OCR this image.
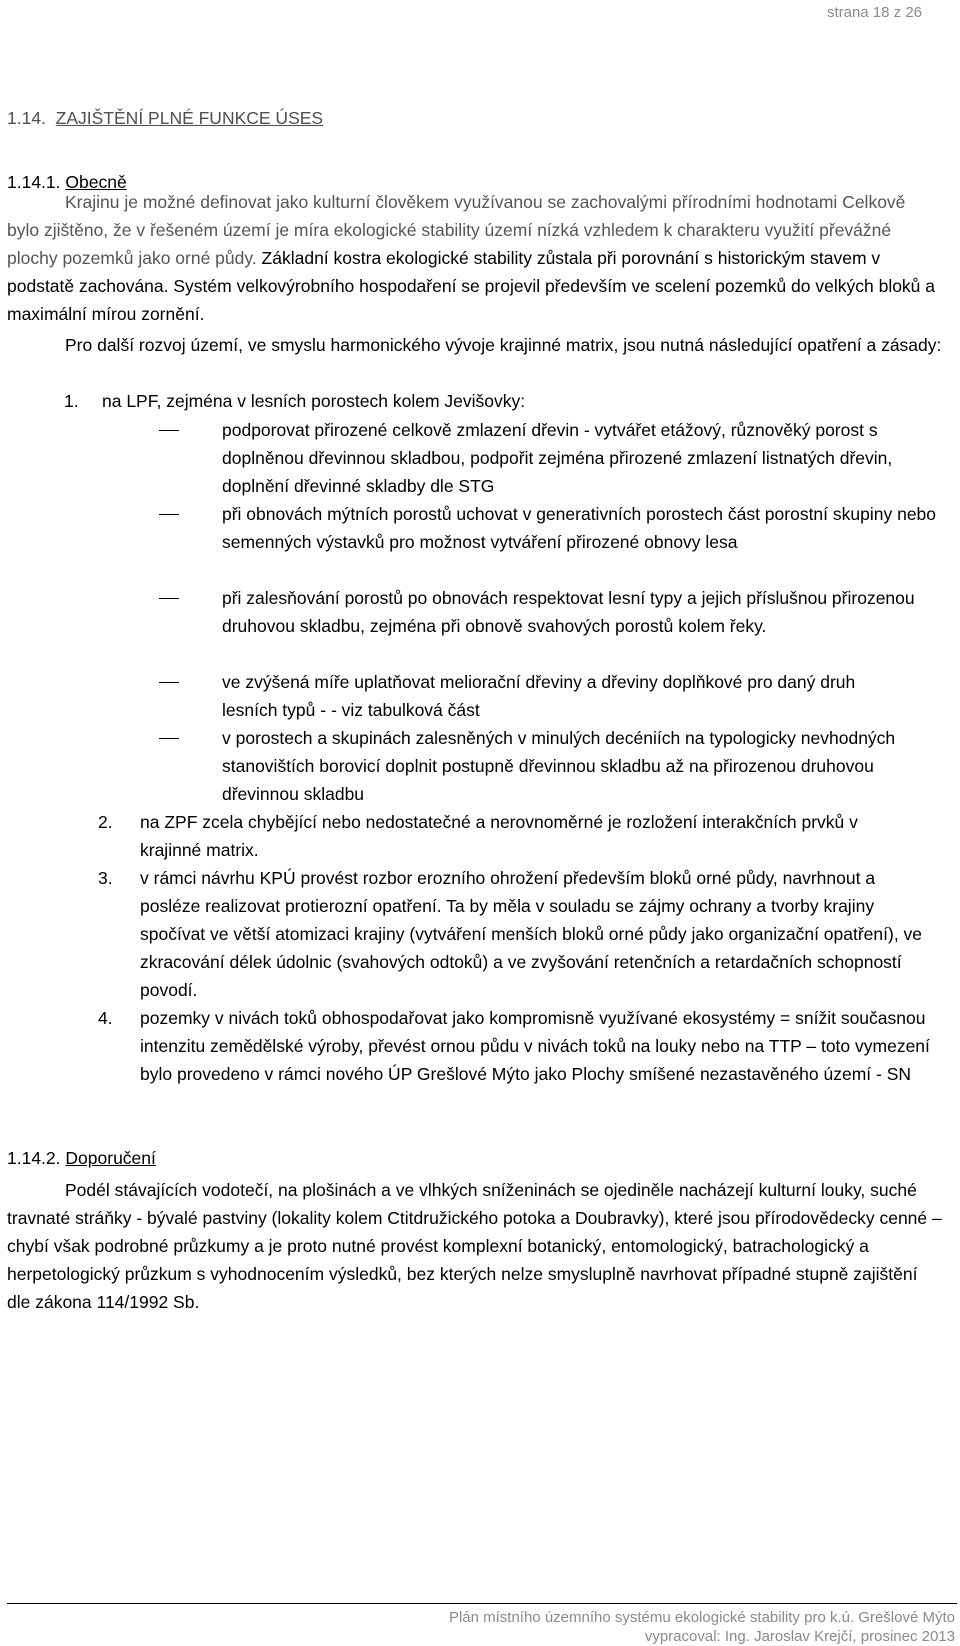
strana 18 z 26
1.14. ZAJIŠTĚNÍ PLNÉ FUNKCE ÚSES
1.14.1. Obecně
Krajinu je možné definovat jako kulturní člověkem využívanou se zachovalými přírodními hodnotami Celkově bylo zjištěno, že v řešeném území je míra ekologické stability území nízká vzhledem k charakteru využití převážné plochy pozemků jako orné půdy. Základní kostra ekologické stability zůstala při porovnání s historickým stavem v podstatě zachována. Systém velkovýrobního hospodaření se projevil především ve scelení pozemků do velkých bloků a maximální mírou zornění.
Pro další rozvoj území, ve smyslu harmonického vývoje krajinné matrix, jsou nutná následující opatření a zásady:
1. na LPF, zejména v lesních porostech kolem Jevišovky:
podporovat přirozené celkově zmlazení dřevin - vytvářet etážový, různověký porost s doplněnou dřevinnou skladbou, podpořit zejména přirozené zmlazení listnatých dřevin, doplnění dřevinné skladby dle STG
při obnovách mýtních porostů uchovat v generativních porostech část porostní skupiny nebo semenných výstavků pro možnost vytváření přirozené obnovy lesa
při zalesňování porostů po obnovách respektovat lesní typy a jejich příslušnou přirozenou druhovou skladbu, zejména při obnově svahových porostů kolem řeky.
ve zvýšená míře uplatňovat meliorační dřeviny a dřeviny doplňkové pro daný druh lesních typů - - viz tabulková část
v porostech a skupinách zalesněných v minulých decéniích na typologicky nevhodných stanovištích borovicí doplnit postupně dřevinnou skladbu až na přirozenou druhovou dřevinnou skladbu
2. na ZPF zcela chybějící nebo nedostatečné a nerovnoměrné je rozložení interakčních prvků v krajinné matrix.
3. v rámci návrhu KPÚ provést rozbor erozního ohrožení především bloků orné půdy, navrhnout a posléze realizovat protierozní opatření. Ta by měla v souladu se zájmy ochrany a tvorby krajiny spočívat ve větší atomizaci krajiny (vytváření menších bloků orné půdy jako organizační opatření), ve zkracování délek údolnic (svahových odtoků) a ve zvyšování retenčních a retardačních schopností povodí.
4. pozemky v nivách toků obhospodařovat jako kompromisně využívané ekosystémy = snížit současnou intenzitu zemědělské výroby, převést ornou půdu v nivách toků na louky nebo na TTP – toto vymezení bylo provedeno v rámci nového ÚP Grešlové Mýto jako Plochy smíšené nezastavěného území - SN
1.14.2. Doporučení
Podél stávajících vodotečí, na plošinách a ve vlhkých sníženinách se ojediněle nacházejí kulturní louky, suché travnaté stráňky - bývalé pastviny (lokality kolem Ctitdružického potoka a Doubravky), které jsou přírodovědecky cenné – chybí však podrobné průzkumy a je proto nutné provést komplexní botanický, entomologický, batrachologický a herpetologický průzkum s vyhodnocením výsledků, bez kterých nelze smysluplně navrhovat případné stupně zajištění dle zákona 114/1992 Sb.
Plán místního územního systému ekologické stability pro k.ú. Grešlové Mýto
vypracoval: Ing. Jaroslav Krejčí, prosinec 2013
